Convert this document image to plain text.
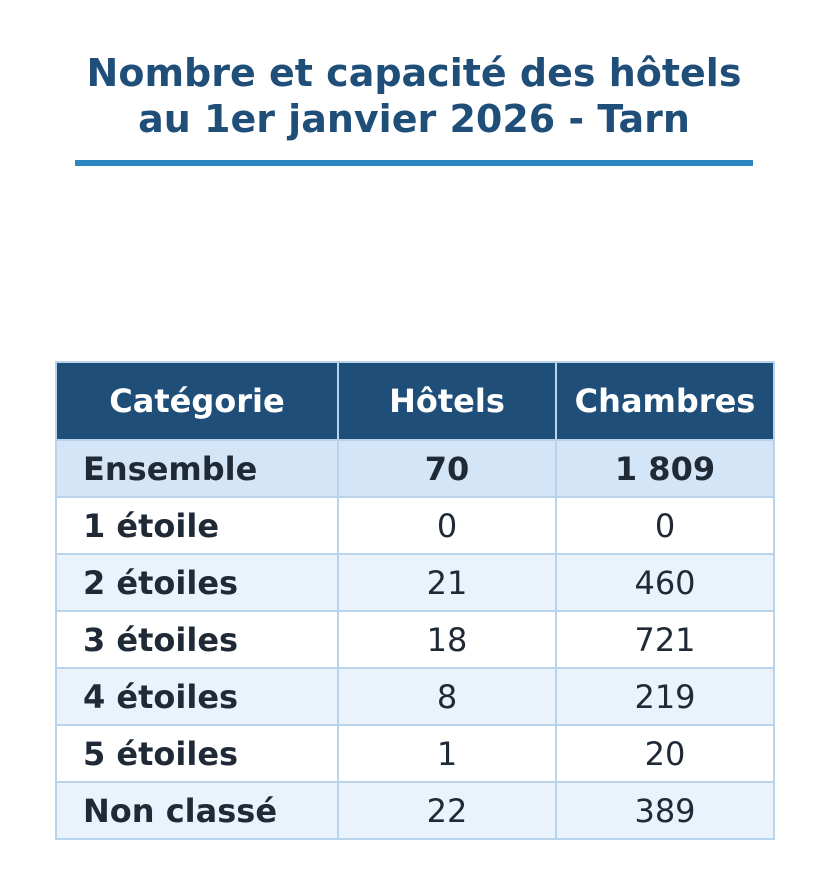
Nombre et capacité des hôtels
au 1er janvier 2026 - Tarn
Catégorie	Hôtels	Chambres
Ensemble	70	1 809
1 étoile	0	0
2 étoiles	21	460
3 étoiles	18	721
4 étoiles	8	219
5 étoiles	1	20
Non classé	22	389
